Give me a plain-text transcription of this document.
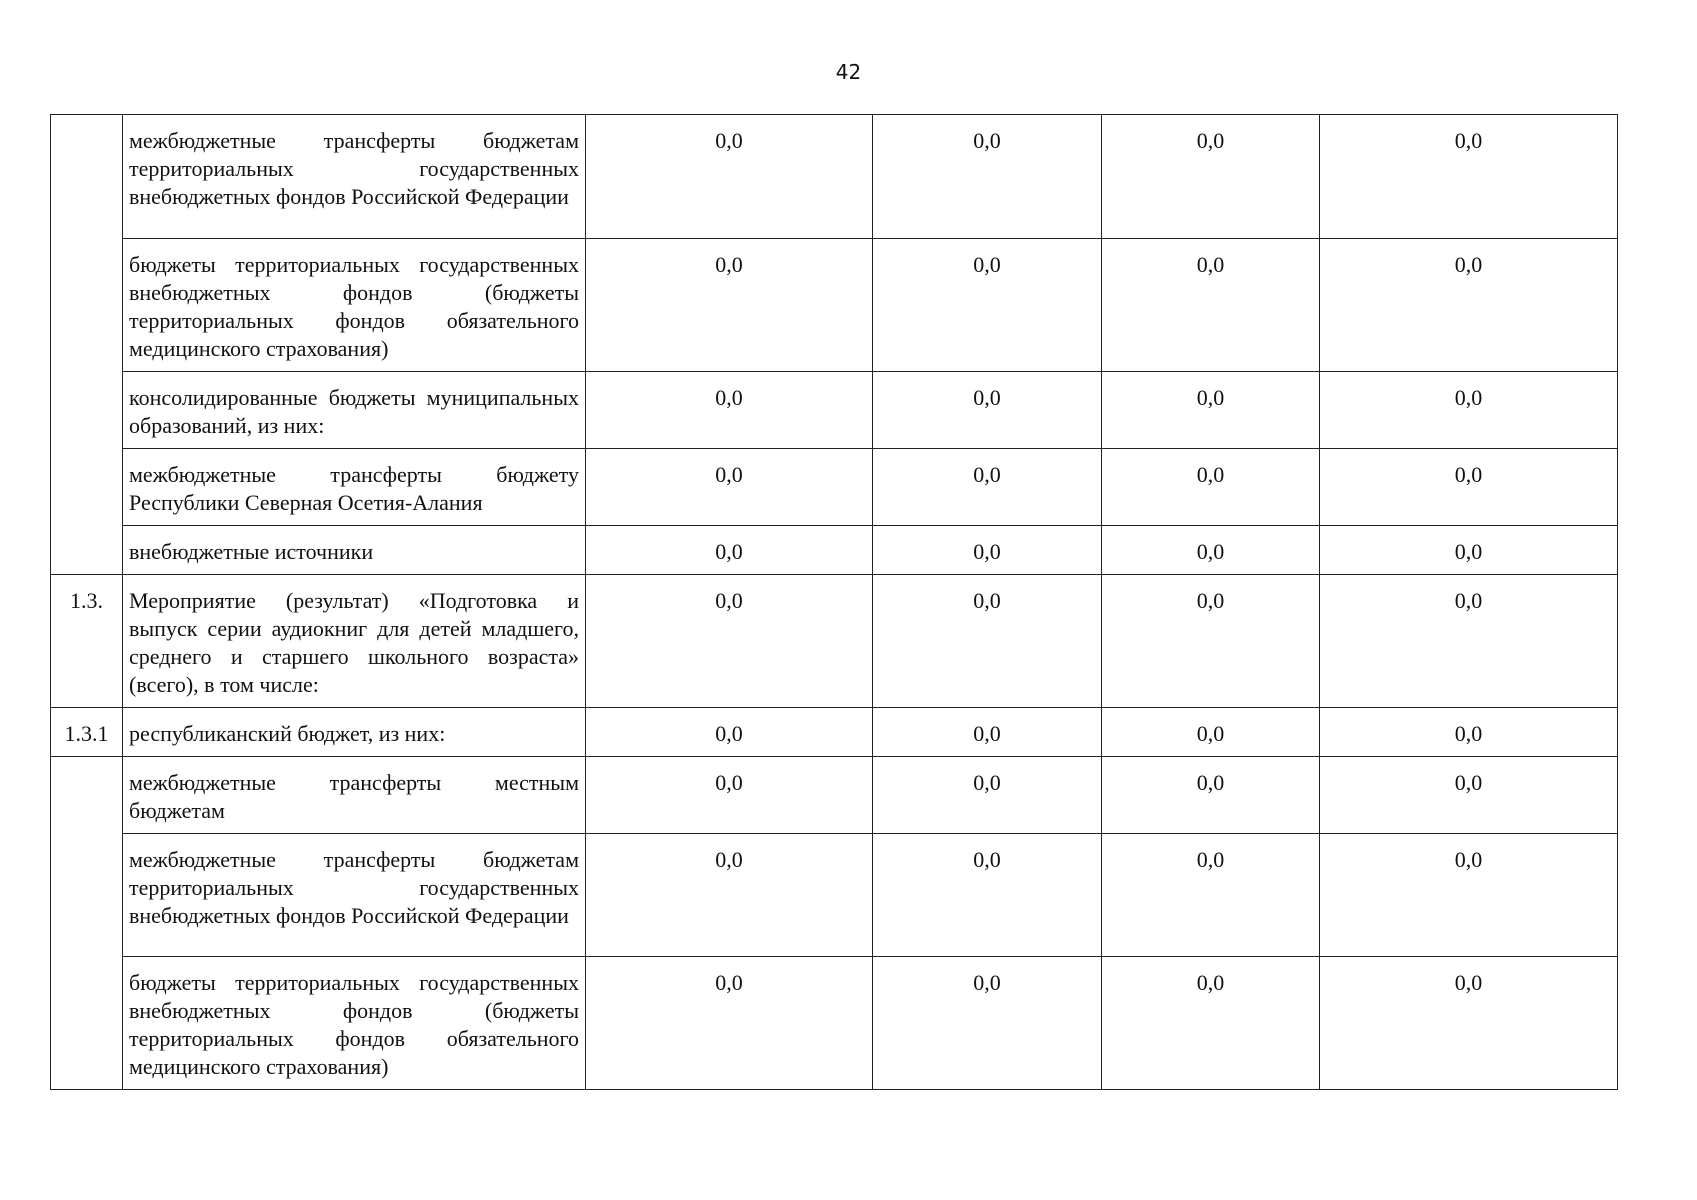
42
	межбюджетные трансферты бюджетам территориальных государственных внебюджетных фондов Российской Федерации	0,0	0,0	0,0	0,0
	бюджеты территориальных государственных внебюджетных фондов (бюджеты территориальных фондов обязательного медицинского страхования)	0,0	0,0	0,0	0,0
	консолидированные бюджеты муниципальных образований, из них:	0,0	0,0	0,0	0,0
	межбюджетные трансферты бюджету Республики Северная Осетия-Алания	0,0	0,0	0,0	0,0
	внебюджетные источники	0,0	0,0	0,0	0,0
1.3.	Мероприятие (результат) «Подготовка и выпуск серии аудиокниг для детей младшего, среднего и старшего школьного возраста» (всего), в том числе:	0,0	0,0	0,0	0,0
1.3.1	республиканский бюджет, из них:	0,0	0,0	0,0	0,0
	межбюджетные трансферты местным бюджетам	0,0	0,0	0,0	0,0
	межбюджетные трансферты бюджетам территориальных государственных внебюджетных фондов Российской Федерации	0,0	0,0	0,0	0,0
	бюджеты территориальных государственных внебюджетных фондов (бюджеты территориальных фондов обязательного медицинского страхования)	0,0	0,0	0,0	0,0
